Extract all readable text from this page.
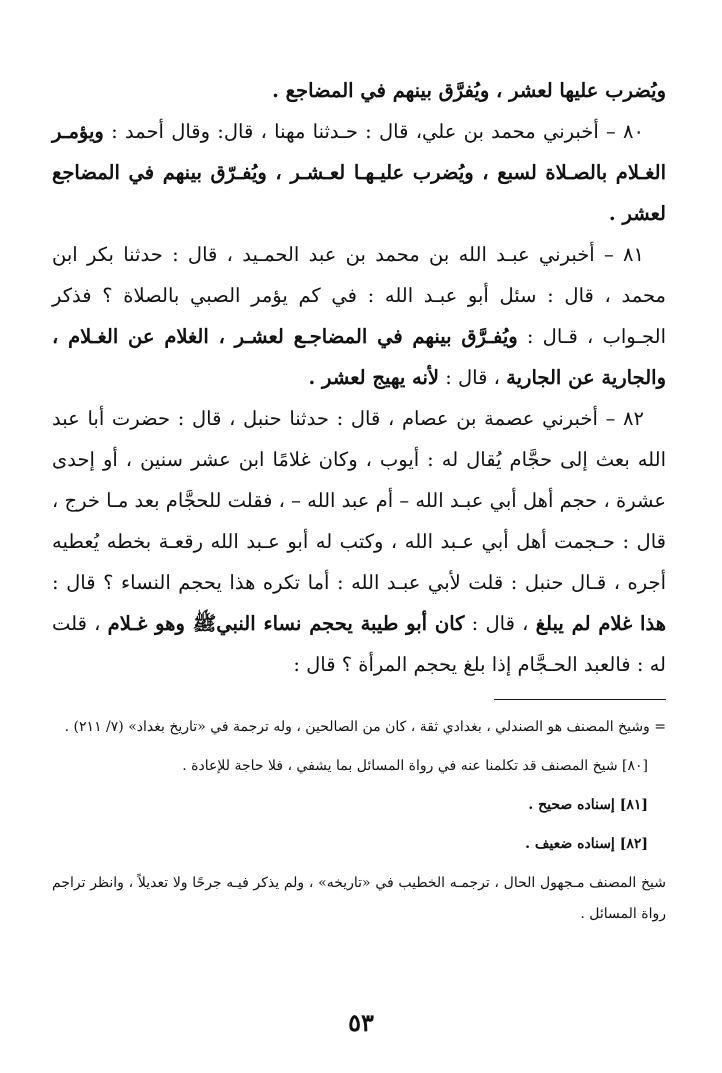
ويُضرب عليها لعشر ، ويُفرَّق بينهم في المضاجع .

٨٠ – أخبرني محمد بن علي، قال : حـدثنا مهنا ، قال: وقال أحمد : ويؤمـر الغـلام بالصـلاة لسبع ، ويُضرب عليـهـا لعـشـر ، ويُفـرّق بينهم في المضاجع لعشر .

٨١ – أخبرني عبـد الله بن محمد بن عبد الحمـيد ، قال : حدثنا بكر ابن محمد ، قال : سئل أبو عبـد الله : في كم يؤمر الصبي بالصلاة ؟ فذكر الجـواب ، قـال : ويُفـرَّق بينهم في المضاجـع لعشـر ، الغلام عن الغـلام ، والجارية عن الجارية ، قال : لأنه يهيج لعشر .

٨٢ – أخبرني عصمة بن عصام ، قال : حدثنا حنبل ، قال : حضرت أبا عبد الله بعث إلى حجَّام يُقال له : أيوب ، وكان غلامًا ابن عشر سنين ، أو إحدى عشرة ، حجم أهل أبي عبـد الله – أم عبد الله – ، فقلت للحجَّام بعد مـا خرج ، قال : حـجمت أهل أبي عـبد الله ، وكتب له أبو عـبد الله رقعـة بخطه يُعطيه أجره ، قـال حنبل : قلت لأبي عبـد الله : أما تكره هذا يحجم النساء ؟ قال : هذا غلام لم يبلغ ، قال : كان أبو طيبة يحجم نساء النبيﷺ وهو غـلام ، قلت له : فالعبد الحـجَّام إذا بلغ يحجم المرأة ؟ قال :

= وشيخ المصنف هو الصندلي ، بغدادي ثقة ، كان من الصالحين ، وله ترجمة في «تاريخ بغداد» (٧/ ٢١١) .

[٨٠] شيخ المصنف قد تكلمنا عنه في رواة المسائل بما يشفي ، فلا حاجة للإعادة .

[٨١] إسناده صحيح .

[٨٢] إسناده ضعيف .

شيخ المصنف مـجهول الحال ، ترجمـه الخطيب في «تاريخه» ، ولم يذكر فيـه جرحًا ولا تعديلاً ، وانظر تراجم رواة المسائل .

٥٣
